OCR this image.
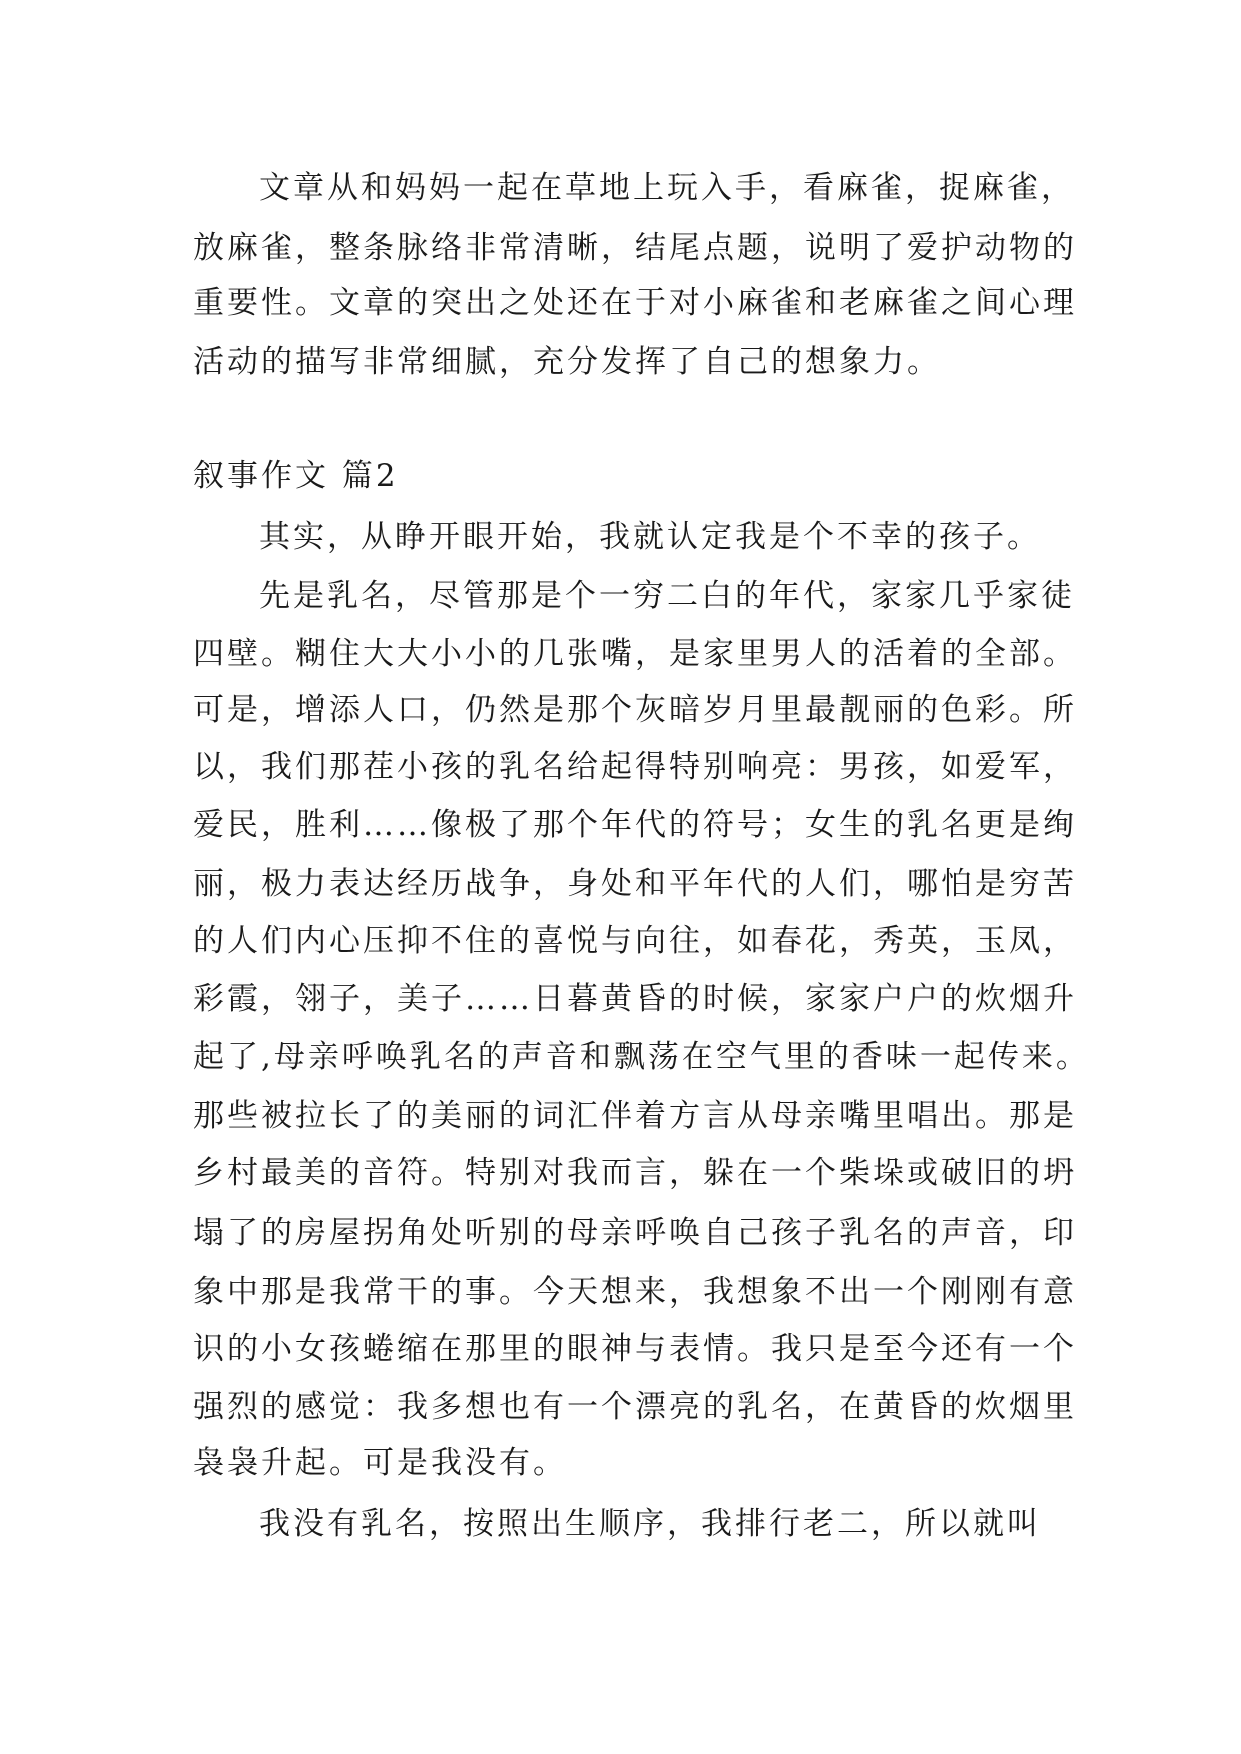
文章从和妈妈一起在草地上玩入手，看麻雀，捉麻雀，
放麻雀，整条脉络非常清晰，结尾点题，说明了爱护动物的
重要性。文章的突出之处还在于对小麻雀和老麻雀之间心理
活动的描写非常细腻，充分发挥了自己的想象力。
叙事作文 篇2
其实，从睁开眼开始，我就认定我是个不幸的孩子。
先是乳名，尽管那是个一穷二白的年代，家家几乎家徒
四壁。糊住大大小小的几张嘴，是家里男人的活着的全部。
可是，增添人口，仍然是那个灰暗岁月里最靓丽的色彩。所
以，我们那茬小孩的乳名给起得特别响亮：男孩，如爱军，
爱民，胜利……像极了那个年代的符号；女生的乳名更是绚
丽，极力表达经历战争，身处和平年代的人们，哪怕是穷苦
的人们内心压抑不住的喜悦与向往，如春花，秀英，玉凤，
彩霞，翎子，美子……日暮黄昏的时候，家家户户的炊烟升
起了,母亲呼唤乳名的声音和飘荡在空气里的香味一起传来。
那些被拉长了的美丽的词汇伴着方言从母亲嘴里唱出。那是
乡村最美的音符。特别对我而言，躲在一个柴垛或破旧的坍
塌了的房屋拐角处听别的母亲呼唤自己孩子乳名的声音，印
象中那是我常干的事。今天想来，我想象不出一个刚刚有意
识的小女孩蜷缩在那里的眼神与表情。我只是至今还有一个
强烈的感觉：我多想也有一个漂亮的乳名，在黄昏的炊烟里
袅袅升起。可是我没有。
我没有乳名，按照出生顺序，我排行老二，所以就叫
